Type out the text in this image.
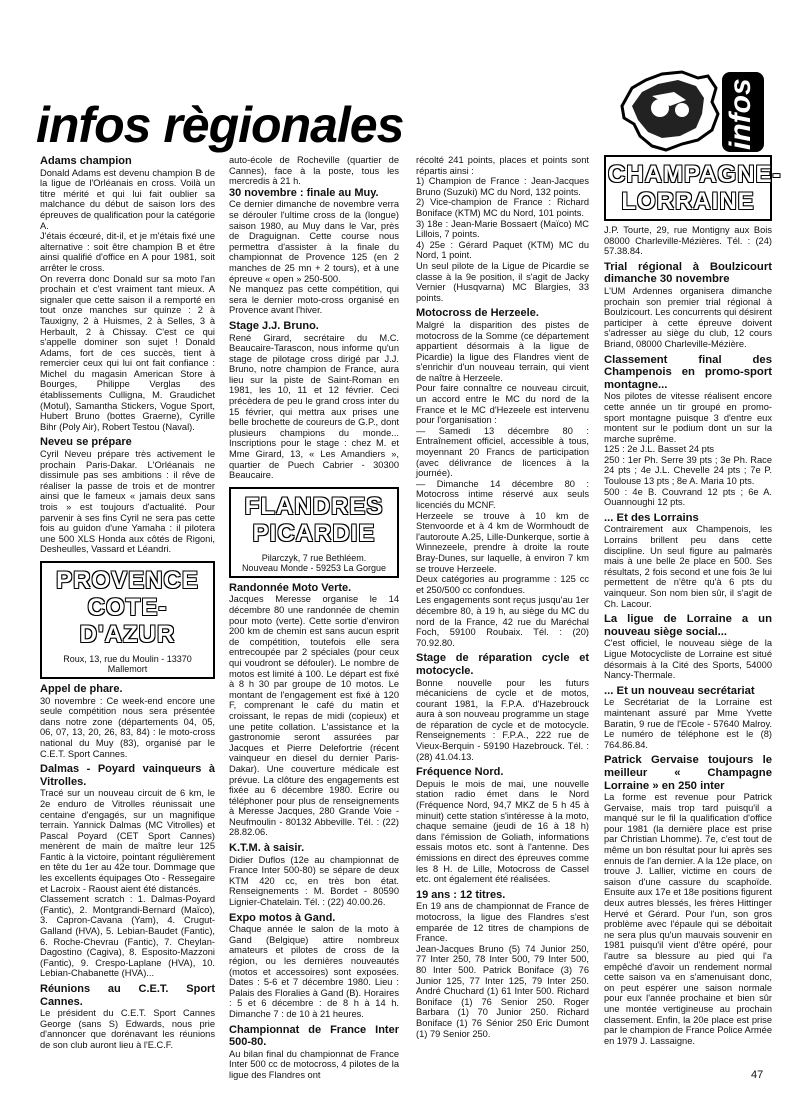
infos règionales	infos

Adams champion

Donald Adams est devenu champion B de la ligue de l'Orléanais en cross. Voilà un titre mérité et qui lui fait oublier sa malchance du début de saison lors des épreuves de qualification pour la catégorie A.

J'étais écœuré, dit-il, et je m'étais fixé une alternative : soit être champion B et être ainsi qualifié d'office en A pour 1981, soit arrêter le cross.

On reverra donc Donald sur sa moto l'an prochain et c'est vraiment tant mieux. A signaler que cette saison il a remporté en tout onze manches sur quinze : 2 à Tauxigny, 2 à Huismes, 2 à Selles, 3 à Herbault, 2 à Chissay. C'est ce qui s'appelle dominer son sujet ! Donald Adams, fort de ces succès, tient à remercier ceux qui lui ont fait confiance : Michel du magasin American Store à Bourges, Philippe Verglas des établissements Culligna, M. Graudichet (Motul), Samantha Stickers, Vogue Sport, Hubert Bruno (bottes Graerne), Cyrille Bihr (Poly Air), Robert Testou (Naval).

Neveu se prépare

Cyril Neveu prépare très activement le prochain Paris-Dakar. L'Orléanais ne dissimule pas ses ambitions : il rêve de réaliser la passe de trois et de montrer ainsi que le fameux « jamais deux sans trois » est toujours d'actualité. Pour parvenir à ses fins Cyril ne sera pas cette fois au guidon d'une Yamaha : il pilotera une 500 XLS Honda aux côtés de Rigoni, Desheulles, Vassard et Léandri.

PROVENCE
COTE-D'AZUR
Roux, 13, rue du Moulin - 13370
Mallemort

Appel de phare.

30 novembre : Ce week-end encore une seule compétition nous sera présentée dans notre zone (départements 04, 05, 06, 07, 13, 20, 26, 83, 84) : le moto-cross national du Muy (83), organisé par le C.E.T. Sport Cannes.

Dalmas - Poyard vainqueurs à Vitrolles.

Tracé sur un nouveau circuit de 6 km, le 2e enduro de Vitrolles réunissait une centaine d'engagés, sur un magnifique terrain. Yannick Dalmas (MC Vitrolles) et Pascal Poyard (CET Sport Cannes) menèrent de main de maître leur 125 Fantic à la victoire, pointant régulièrement en tête du 1er au 42e tour. Dommage que les excellents équipages Oto - Ressegaire et Lacroix - Raoust aient été distancés.

Classement scratch : 1. Dalmas-Poyard (Fantic), 2. Montgrandi-Bernard (Maïco), 3. Capron-Cavana (Yam), 4. Crugut-Galland (HVA), 5. Lebian-Baudet (Fantic), 6. Roche-Chevrau (Fantic), 7. Cheylan-Dagostino (Cagiva), 8. Esposito-Mazzoni (Fantic), 9. Crespo-Laplane (HVA), 10. Lebian-Chabanette (HVA)...

Réunions au C.E.T. Sport Cannes.

Le président du C.E.T. Sport Cannes George (sans S) Edwards, nous prie d'annoncer que dorénavant les réunions de son club auront lieu à l'E.C.F.

auto-école de Rocheville (quartier de Cannes), face à la poste, tous les mercredis à 21 h.

30 novembre : finale au Muy.

Ce dernier dimanche de novembre verra se dérouler l'ultime cross de la (longue) saison 1980, au Muy dans le Var, près de Draguignan. Cette course nous permettra d'assister à la finale du championnat de Provence 125 (en 2 manches de 25 mn + 2 tours), et à une épreuve « open » 250-500.

Ne manquez pas cette compétition, qui sera le dernier moto-cross organisé en Provence avant l'hiver.

Stage J.J. Bruno.

René Girard, secrétaire du M.C. Beaucaire-Tarascon, nous informe qu'un stage de pilotage cross dirigé par J.J. Bruno, notre champion de France, aura lieu sur la piste de Saint-Roman en 1981, les 10, 11 et 12 février. Ceci précèdera de peu le grand cross inter du 15 février, qui mettra aux prises une belle brochette de coureurs de G.P., dont plusieurs champions du monde... Inscriptions pour le stage : chez M. et Mme Girard, 13, « Les Amandiers », quartier de Puech Cabrier - 30300 Beaucaire.

FLANDRES
PICARDIE
Pilarczyk, 7 rue Bethléem.
Nouveau Monde - 59253 La Gorgue

Randonnée Moto Verte.

Jacques Meresse organise le 14 décembre 80 une randonnée de chemin pour moto (verte). Cette sortie d'environ 200 km de chemin est sans aucun esprit de compétition, toutefois elle sera entrecoupée par 2 spéciales (pour ceux qui voudront se défouler). Le nombre de motos est limité à 100. Le départ est fixé à 8 h 30 par groupe de 10 motos. Le montant de l'engagement est fixé à 120 F, comprenant le café du matin et croissant, le repas de midi (copieux) et une petite collation. L'assistance et la gastronomie seront assurées par Jacques et Pierre Delefortrie (récent vainqueur en diesel du dernier Paris-Dakar). Une couverture médicale est prévue. La clôture des engagements est fixée au 6 décembre 1980. Ecrire ou téléphoner pour plus de renseignements à Meresse Jacques, 280 Grande Voie - Neufmoulin - 80132 Abbeville. Tél. : (22) 28.82.06.

K.T.M. à saisir.

Didier Duflos (12e au championnat de France Inter 500-80) se sépare de deux KTM 420 cc, en très bon état. Renseignements : M. Bordet - 80590 Lignier-Chatelain. Tél. : (22) 40.00.26.

Expo motos à Gand.

Chaque année le salon de la moto à Gand (Belgique) attire nombreux amateurs et pilotes de cross de la région, ou les dernières nouveautés (motos et accessoires) sont exposées. Dates : 5-6 et 7 décembre 1980. Lieu : Palais des Floralies à Gand (B). Horaires : 5 et 6 décembre : de 8 h à 14 h. Dimanche 7 : de 10 à 21 heures.

Championnat de France Inter 500-80.

Au bilan final du championnat de France Inter 500 cc de motocross, 4 pilotes de la ligue des Flandres ont

récolté 241 points, places et points sont répartis ainsi :

1) Champion de France : Jean-Jacques Bruno (Suzuki) MC du Nord, 132 points.

2) Vice-champion de France : Richard Boniface (KTM) MC du Nord, 101 points.

3) 18e : Jean-Marie Bossaert (Maïco) MC Lillois, 7 points.

4) 25e : Gérard Paquet (KTM) MC du Nord, 1 point.

Un seul pilote de la Ligue de Picardie se classe à la 9e position, il s'agit de Jacky Vernier (Husqvarna) MC Blargies, 33 points.

Motocross de Herzeele.

Malgré la disparition des pistes de motocross de la Somme (ce département appartient désormais à la ligue de Picardie) la ligue des Flandres vient de s'enrichir d'un nouveau terrain, qui vient de naître à Herzeele.

Pour faire connaître ce nouveau circuit, un accord entre le MC du nord de la France et le MC d'Hezeele est intervenu pour l'organisation :

— Samedi 13 décembre 80 : Entraînement officiel, accessible à tous, moyennant 20 Francs de participation (avec délivrance de licences à la journée).

— Dimanche 14 décembre 80 : Motocross intime réservé aux seuls licenciés du MCNF.

Herzeele se trouve à 10 km de Stenvoorde et à 4 km de Wormhoudt de l'autoroute A.25, Lille-Dunkerque, sortie à Winnezeele, prendre à droite la route Bray-Dunes, sur laquelle, à environ 7 km se trouve Herzeele.

Deux catégories au programme : 125 cc et 250/500 cc confondues.

Les engagements sont reçus jusqu'au 1er décembre 80, à 19 h, au siège du MC du nord de la France, 42 rue du Maréchal Foch, 59100 Roubaix. Tél. : (20) 70.92.80.

Stage de réparation cycle et motocycle.

Bonne nouvelle pour les futurs mécaniciens de cycle et de motos, courant 1981, la F.P.A. d'Hazebrouck aura à son nouveau programme un stage de réparation de cycle et de motocycle. Renseignements : F.P.A., 222 rue de Vieux-Berquin - 59190 Hazebrouck. Tél. : (28) 41.04.13.

Fréquence Nord.

Depuis le mois de mai, une nouvelle station radio émet dans le Nord (Fréquence Nord, 94,7 MKZ de 5 h 45 à minuit) cette station s'intéresse à la moto, chaque semaine (jeudi de 16 à 18 h) dans l'émission de Goliath, informations essais motos etc. sont à l'antenne. Des émissions en direct des épreuves comme les 8 H. de Lille, Motocross de Cassel etc. ont également été réalisées.

19 ans : 12 titres.

En 19 ans de championnat de France de motocross, la ligue des Flandres s'est emparée de 12 titres de champions de France.

Jean-Jacques Bruno (5) 74 Junior 250, 77 Inter 250, 78 Inter 500, 79 Inter 500, 80 Inter 500. Patrick Boniface (3) 76 Junior 125, 77 Inter 125, 79 Inter 250. André Chuchard (1) 61 Inter 500. Richard Boniface (1) 76 Senior 250. Roger Barbara (1) 70 Junior 250. Richard Boniface (1) 76 Sénior 250 Eric Dumont (1) 79 Senior 250.

CHAMPAGNE-
LORRAINE

J.P. Tourte, 29, rue Montigny aux Bois 08000 Charleville-Mézières. Tél. : (24) 57.38.84.

Trial régional à Boulzicourt dimanche 30 novembre

L'UM Ardennes organisera dimanche prochain son premier trial régional à Boulzicourt. Les concurrents qui désirent participer à cette épreuve doivent s'adresser au siège du club, 12 cours Briand, 08000 Charleville-Mézière.

Classement final des Champenois en promo-sport montagne...

Nos pilotes de vitesse réalisent encore cette année un tir groupé en promo-sport montagne puisque 3 d'entre eux montent sur le podium dont un sur la marche suprême.

125 : 2e J.L. Basset 24 pts

250 : 1er Ph. Serre 39 pts ; 3e Ph. Race 24 pts ; 4e J.L. Chevelle 24 pts ; 7e P. Toulouse 13 pts ; 8e A. Maria 10 pts.

500 : 4e B. Couvrand 12 pts ; 6e A. Ouannoughi 12 pts.

... Et des Lorrains

Contrairement aux Champenois, les Lorrains brillent peu dans cette discipline. Un seul figure au palmarès mais à une belle 2e place en 500. Ses résultats, 2 fois second et une fois 3e lui permettent de n'être qu'à 6 pts du vainqueur. Son nom bien sûr, il s'agit de Ch. Lacour.

La ligue de Lorraine a un nouveau siège social...

C'est officiel, le nouveau siège de la Ligue Motocycliste de Lorraine est situé désormais à la Cité des Sports, 54000 Nancy-Thermale.

... Et un nouveau secrétariat

Le Secrétariat de la Lorraine est maintenant assuré par Mme Yvette Baratin, 9 rue de l'Ecole - 57640 Malroy. Le numéro de téléphone est le (8) 764.86.84.

Patrick Gervaise toujours le meilleur « Champagne Lorraine » en 250 inter

La forme est revenue pour Patrick Gervaise, mais trop tard puisqu'il a manqué sur le fil la qualification d'office pour 1981 (la dernière place est prise par Christian Lhomme). 7e, c'est tout de même un bon résultat pour lui après ses ennuis de l'an dernier. A la 12e place, on trouve J. Lallier, victime en cours de saison d'une cassure du scaphoïde. Ensuite aux 17e et 18e positions figurent deux autres blessés, les frères Hittinger Hervé et Gérard. Pour l'un, son gros problème avec l'épaule qui se déboitait ne sera plus qu'un mauvais souvenir en 1981 puisqu'il vient d'être opéré, pour l'autre sa blessure au pied qui l'a empêché d'avoir un rendement normal cette saison va en s'amenuisant donc, on peut espérer une saison normale pour eux l'année prochaine et bien sûr une montée vertigineuse au prochain classement. Enfin, la 20e place est prise par le champion de France Police Armée en 1979 J. Lassaigne.

47
